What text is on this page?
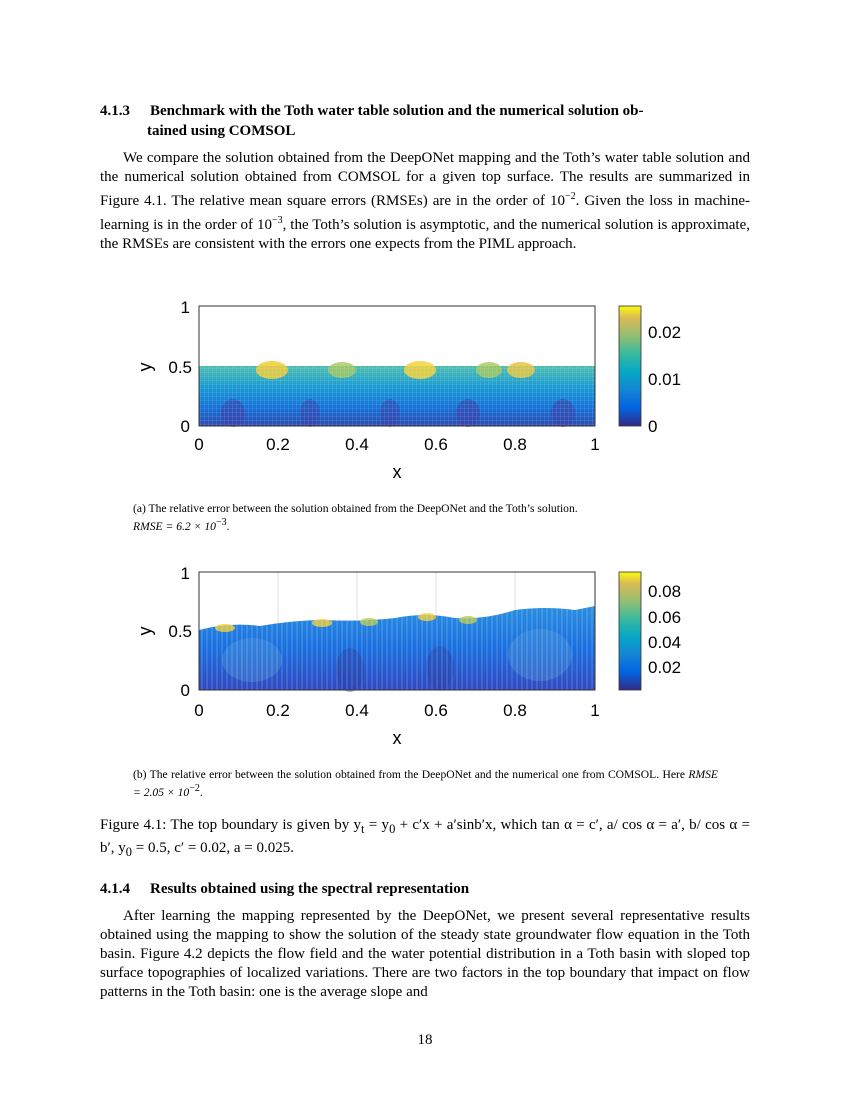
4.1.3 Benchmark with the Toth water table solution and the numerical solution ob-
tained using COMSOL

We compare the solution obtained from the DeepONet mapping and the Toth’s water table solution and the numerical solution obtained from COMSOL for a given top surface. The results are summarized in Figure 4.1. The relative mean square errors (RMSEs) are in the order of $10^{-2}$. Given the loss in machine-learning is in the order of $10^{-3}$, the Toth’s solution is asymptotic, and the numerical solution is approximate, the RMSEs are consistent with the errors one expects from the PIML approach.

1
0.5
0
y
0	0.2	0.4	0.6	0.8	1
x
0.02
0.01
0
(a) The relative error between the solution obtained from the DeepONet and the Toth’s solution.
RMSE = $6.2 \times 10^{-3}$.
1
0.5
0
y
0	0.2	0.4	0.6	0.8	1
x
0.08
0.06
0.04
0.02
(b) The relative error between the solution obtained from the DeepONet and the numerical one from COMSOL. Here RMSE = $2.05 \times 10^{-2}$.
Figure 4.1: The top boundary is given by $y_t = y_0 + c'x + a'\sin b'x$, which tan α = c′, a/ cos α = a′, b/ cos α = b′, $y_0 = 0.5$, c′ = 0.02, a = 0.025.
4.1.4 Results obtained using the spectral representation

After learning the mapping represented by the DeepONet, we present several representative results obtained using the mapping to show the solution of the steady state groundwater flow equation in the Toth basin. Figure 4.2 depicts the flow field and the water potential distribution in a Toth basin with sloped top surface topographies of localized variations. There are two factors in the top boundary that impact on flow patterns in the Toth basin: one is the average slope and

18
